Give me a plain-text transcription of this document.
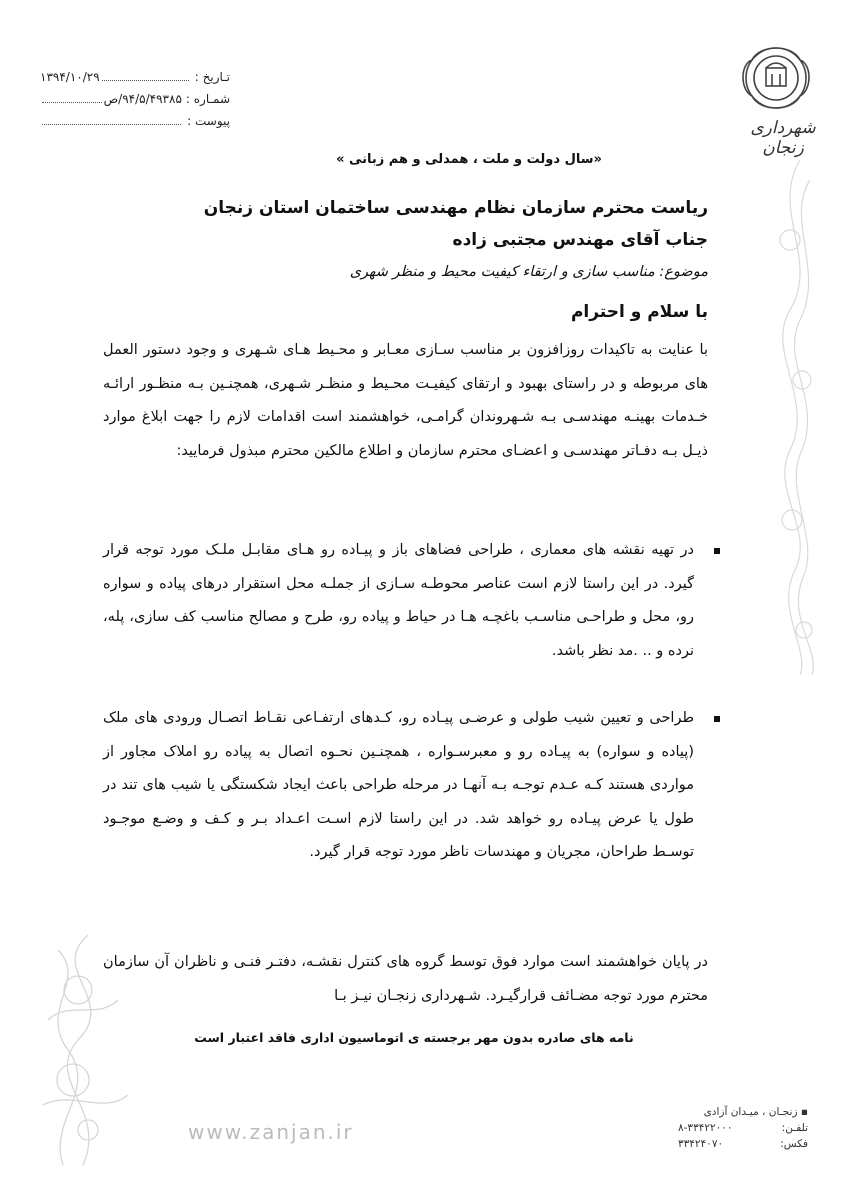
تـاریخ :
۱۳۹۴/۱۰/۲۹
شمـاره :
۹۴/۵/۴۹۳۸۵/ص
پیوست :	شهرداری زنجان
«سال دولت و ملت ، همدلی و هم زبانی »
ریاست محترم سازمان نظام مهندسی ساختمان استان زنجان
جناب آقای مهندس مجتبی زاده
موضوع: مناسب سازی و ارتقاء کیفیت محیط و منظر شهری
با سلام و احترام
با عنایت به تاکیدات روزافزون بر مناسب سـازی معـابر و محـیط هـای شـهری و وجود دستور العمل های مربوطه و در راستای بهبود و ارتقای کیفیـت محـیط و منظـر شـهری، همچنـین بـه منظـور ارائـه خـدمات بهینـه مهندسـی بـه شـهروندان گرامـی، خواهشمند است اقدامات لازم را جهت ابلاغ موارد ذیـل بـه دفـاتر مهندسـی و اعضـای محترم سازمان و اطلاع مالکین محترم مبذول فرمایید:
در تهیه نقشه های معماری ، طراحی فضاهای باز و پیـاده رو هـای مقابـل ملـک مورد توجه قرار گیرد. در این راستا لازم است عناصر محوطـه سـازی از جملـه محل استقرار درهای پیاده و سواره رو، محل و طراحـی مناسـب باغچـه هـا در حیاط و پیاده رو، طرح و مصالح مناسب کف سازی، پله، نرده و .. .مد نظر باشد.
طراحی و تعیین شیب طولی و عرضـی پیـاده رو، کـدهای ارتفـاعی نقـاط اتصـال ورودی های ملک (پیاده و سواره) به پیـاده رو و معبرسـواره ، همچنـین نحـوه اتصال به پیاده رو املاک مجاور از مواردی هستند کـه عـدم توجـه بـه آنهـا در مرحله طراحی باعث ایجاد شکستگی یا شیب های تند در طول یا عرض پیـاده رو خواهد شد. در این راستا لازم اسـت اعـداد بـر و کـف و وضـع موجـود توسـط طراحان، مجریان و مهندسات ناظر مورد توجه قرار گیرد.
در پایان خواهشمند است موارد فوق توسط گروه های کنترل نقشـه، دفتـر فنـی و ناظران آن سازمان محترم مورد توجه مضـائف قرارگیـرد. شـهرداری زنجـان نیـز بـا
نامه های صادره بدون مهر برجسته ی اتوماسیون اداری فاقد اعتبار است
▪ زنجـان ، میـدان آزادی
تلفـن:
۸-۳۳۴۲۲۰۰۰
فکس:
۳۳۴۲۴۰۷۰
www.zanjan.ir
